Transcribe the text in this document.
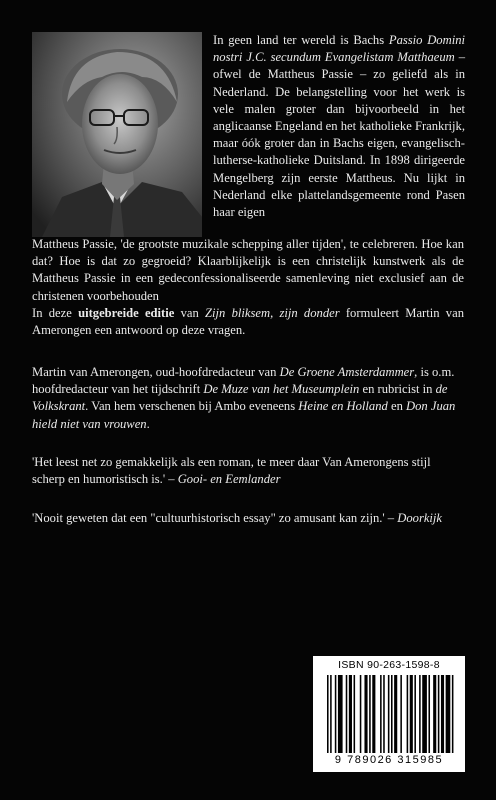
In geen land ter wereld is Bachs Passio Domini nostri J.C. secundum Evangelistam Matthaeum – ofwel de Mattheus Passie – zo geliefd als in Nederland. De belangstelling voor het werk is vele malen groter dan bijvoorbeeld in het anglicaanse Engeland en het katholieke Frankrijk, maar óók groter dan in Bachs eigen, evangelisch-lutherse-katholieke Duitsland. In 1898 dirigeerde Mengelberg zijn eerste Mattheus. Nu lijkt in Nederland elke plattelandsgemeente rond Pasen haar eigen

Mattheus Passie, 'de grootste muzikale schepping aller tijden', te celebreren. Hoe kan dat? Hoe is dat zo gegroeid? Klaarblijkelijk is een christelijk kunstwerk als de Mattheus Passie in een gedeconfessionaliseerde samenleving niet exclusief aan de christenen voorbehouden

In deze uitgebreide editie van Zijn bliksem, zijn donder formuleert Martin van Amerongen een antwoord op deze vragen.

Martin van Amerongen, oud-hoofdredacteur van De Groene Amsterdammer, is o.m. hoofdredacteur van het tijdschrift De Muze van het Museumplein en rubricist in de Volkskrant. Van hem verschenen bij Ambo eveneens Heine en Holland en Don Juan hield niet van vrouwen.

'Het leest net zo gemakkelijk als een roman, te meer daar Van Amerongens stijl scherp en humoristisch is.' – Gooi- en Eemlander

'Nooit geweten dat een "cultuurhistorisch essay" zo amusant kan zijn.' – Doorkijk

ISBN 90-263-1598-8
9 789026 315985
